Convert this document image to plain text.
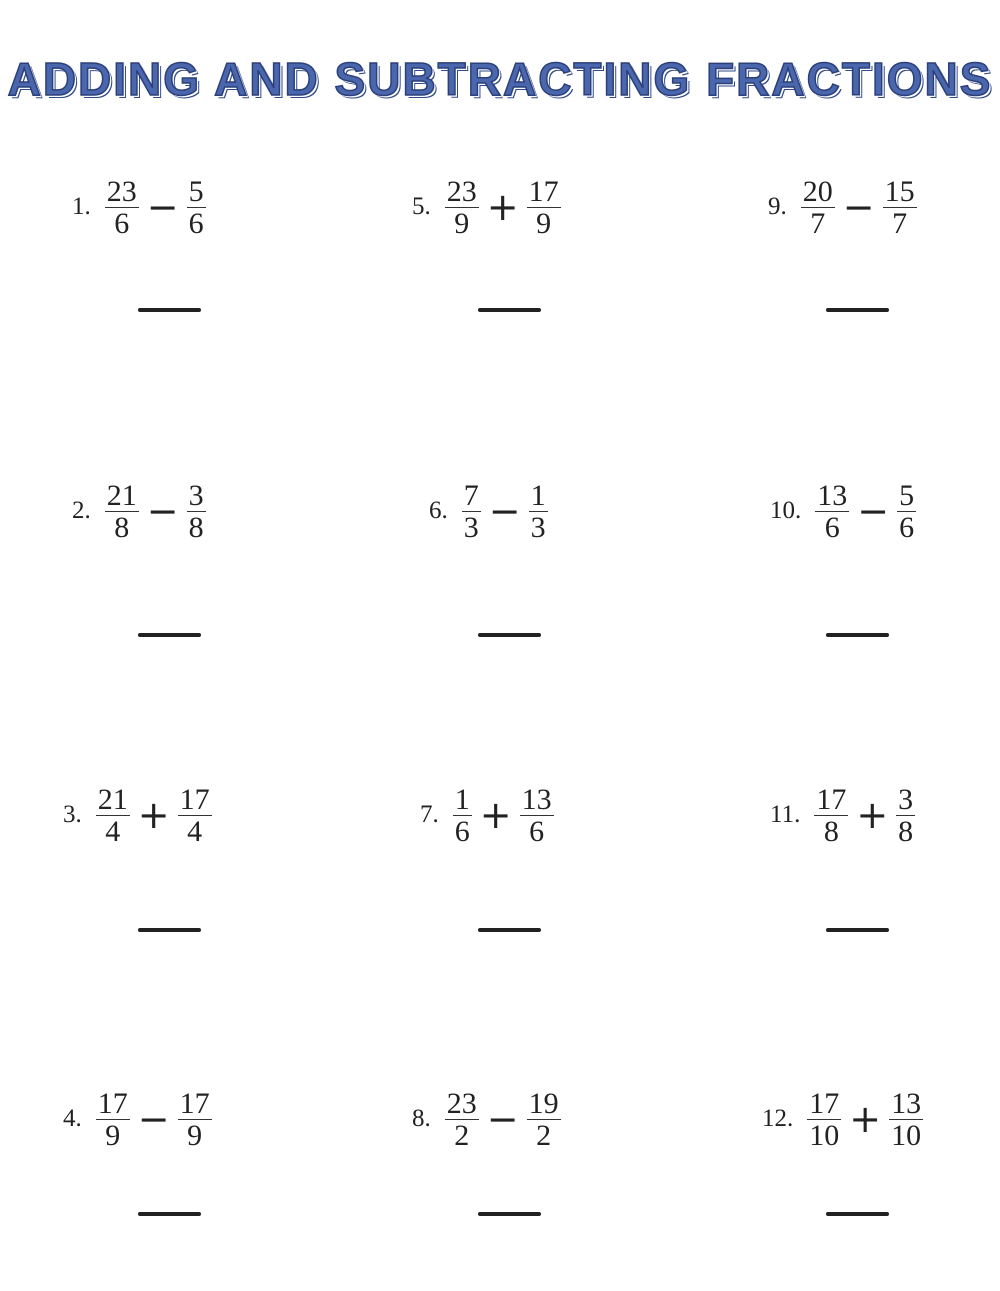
ADDING AND SUBTRACTING FRACTIONS
1. $\frac{23}{6} - \frac{5}{6}$
2. $\frac{21}{8} - \frac{3}{8}$
3. $\frac{21}{4} + \frac{17}{4}$
4. $\frac{17}{9} - \frac{17}{9}$
5. $\frac{23}{9} + \frac{17}{9}$
6. $\frac{7}{3} - \frac{1}{3}$
7. $\frac{1}{6} + \frac{13}{6}$
8. $\frac{23}{2} - \frac{19}{2}$
9. $\frac{20}{7} - \frac{15}{7}$
10. $\frac{13}{6} - \frac{5}{6}$
11. $\frac{17}{8} + \frac{3}{8}$
12. $\frac{17}{10} + \frac{13}{10}$
